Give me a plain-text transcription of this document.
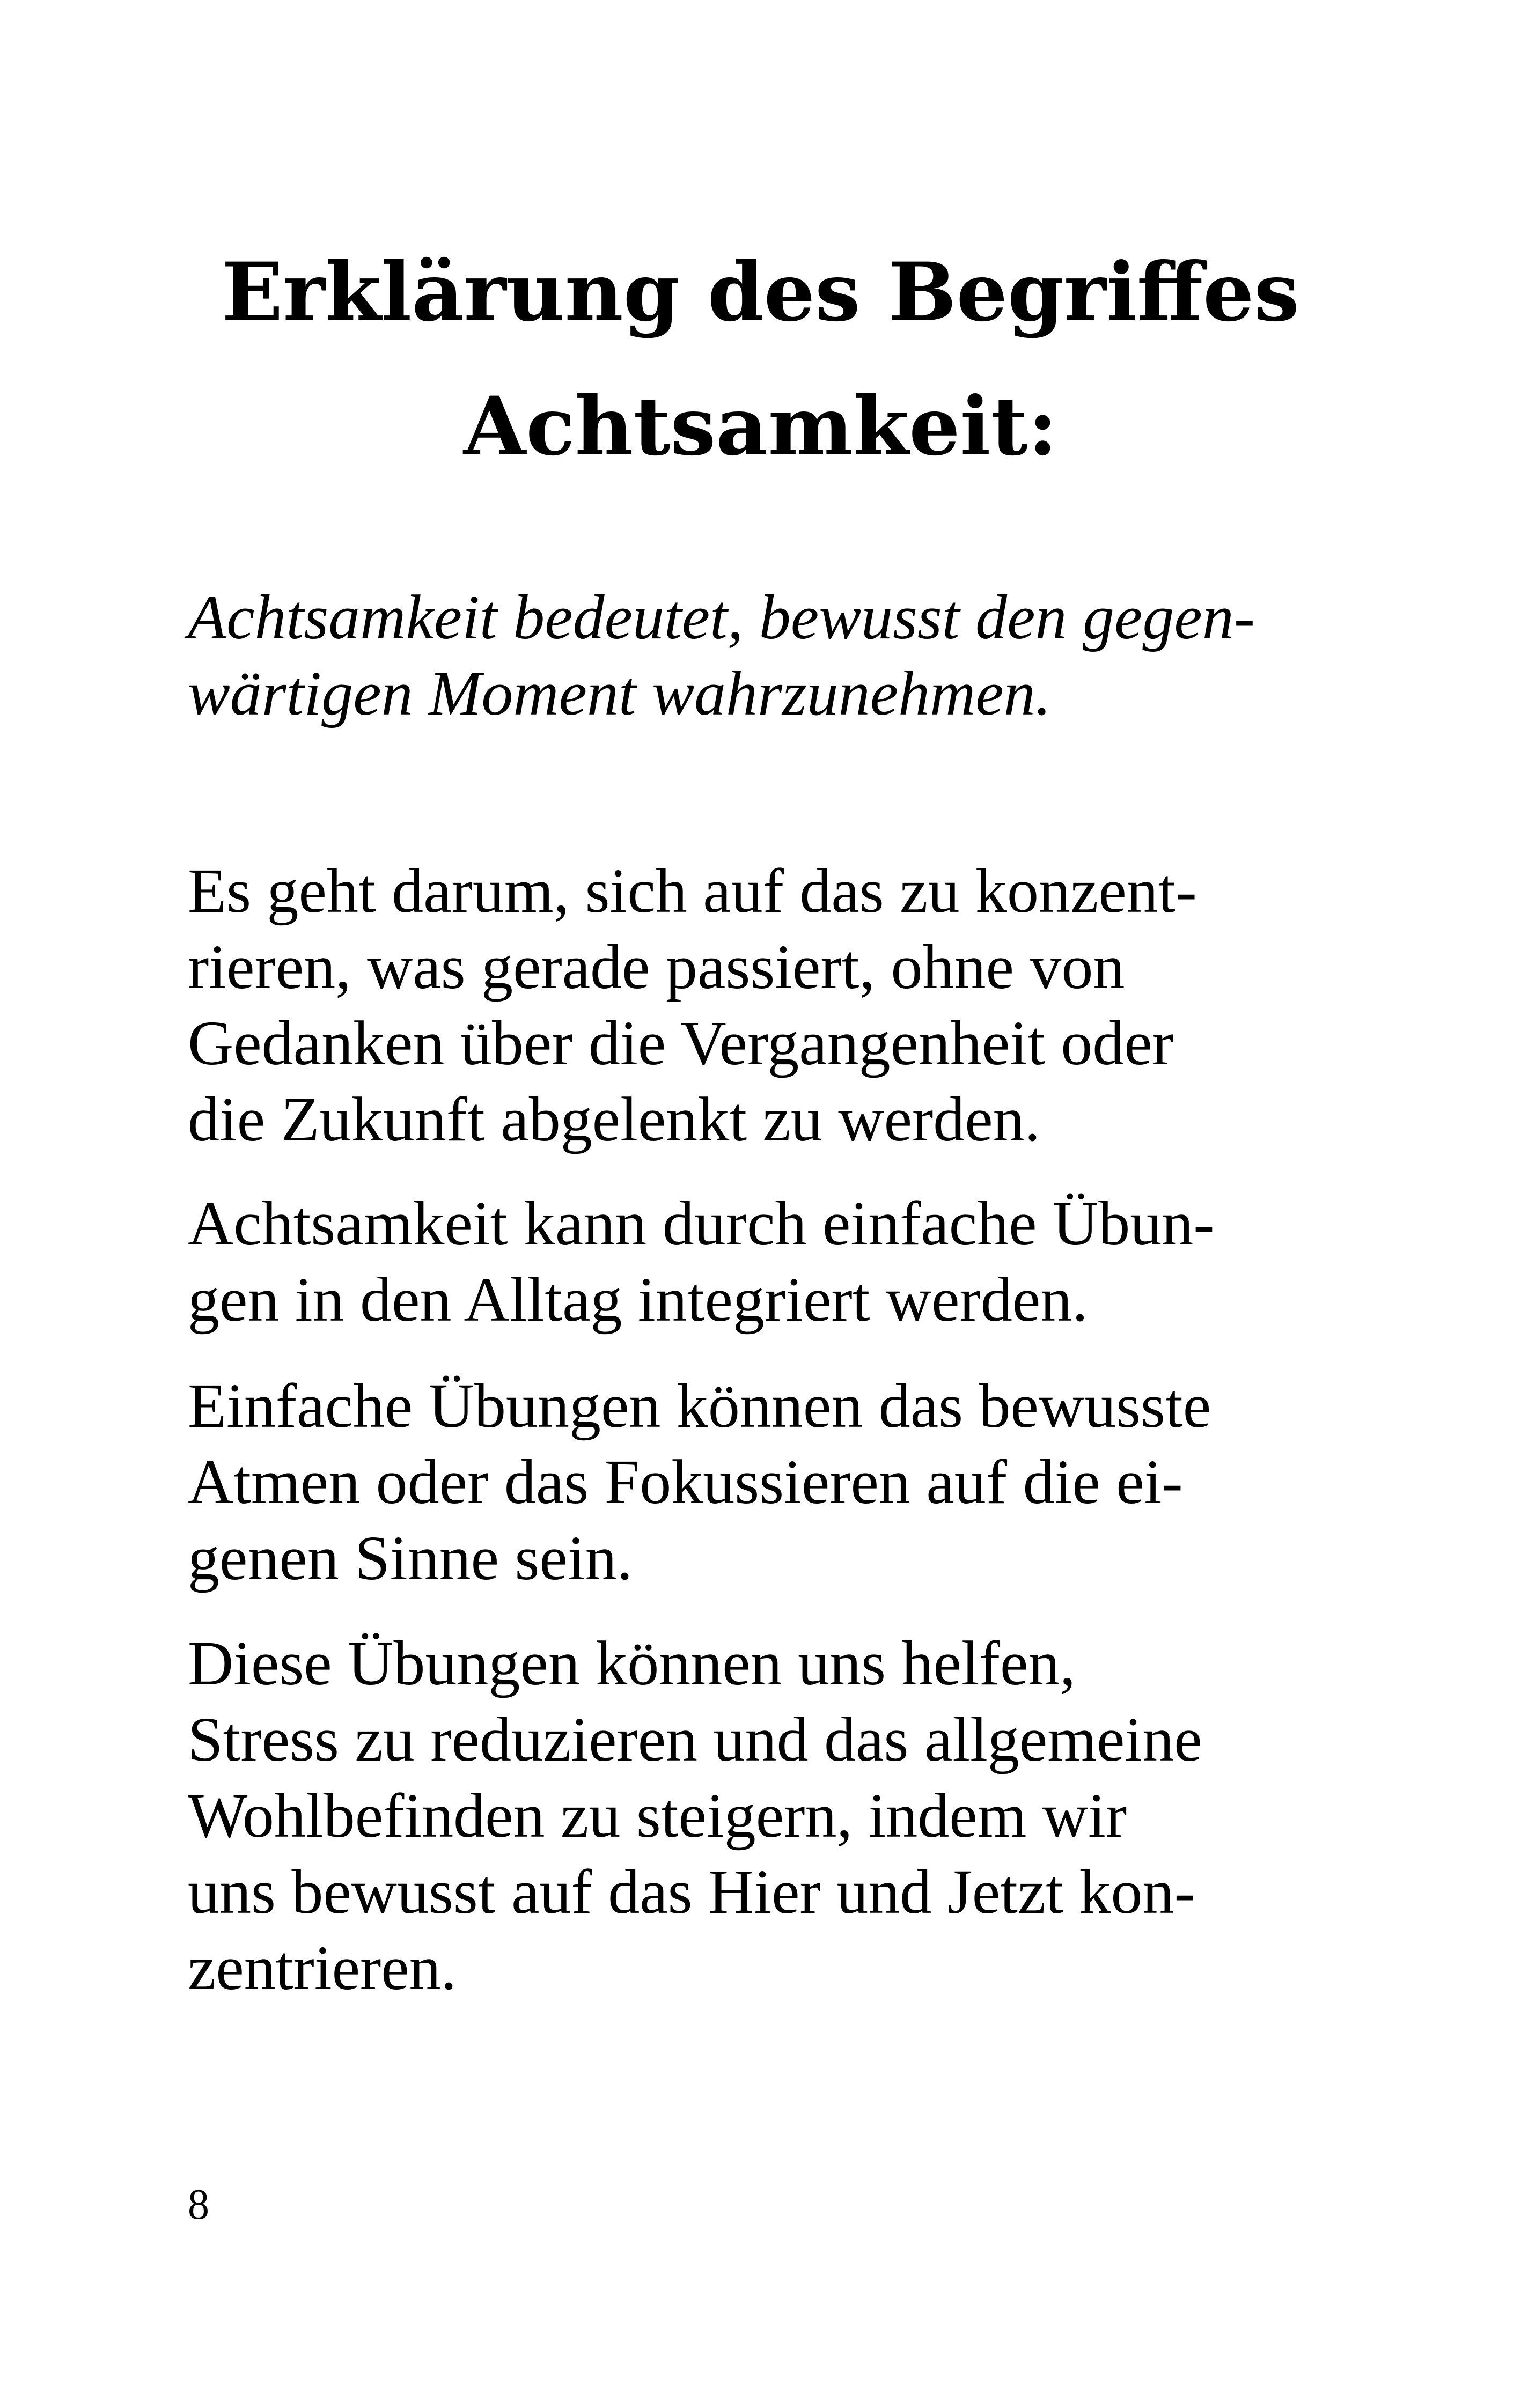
Erklärung des Begriffes
Achtsamkeit:

Achtsamkeit bedeutet, bewusst den gegen-
wärtigen Moment wahrzunehmen.

Es geht darum, sich auf das zu konzent-
rieren, was gerade passiert, ohne von
Gedanken über die Vergangenheit oder
die Zukunft abgelenkt zu werden.

Achtsamkeit kann durch einfache Übun-
gen in den Alltag integriert werden.

Einfache Übungen können das bewusste
Atmen oder das Fokussieren auf die ei-
genen Sinne sein.

Diese Übungen können uns helfen,
Stress zu reduzieren und das allgemeine
Wohlbefinden zu steigern, indem wir
uns bewusst auf das Hier und Jetzt kon-
zentrieren.

8
